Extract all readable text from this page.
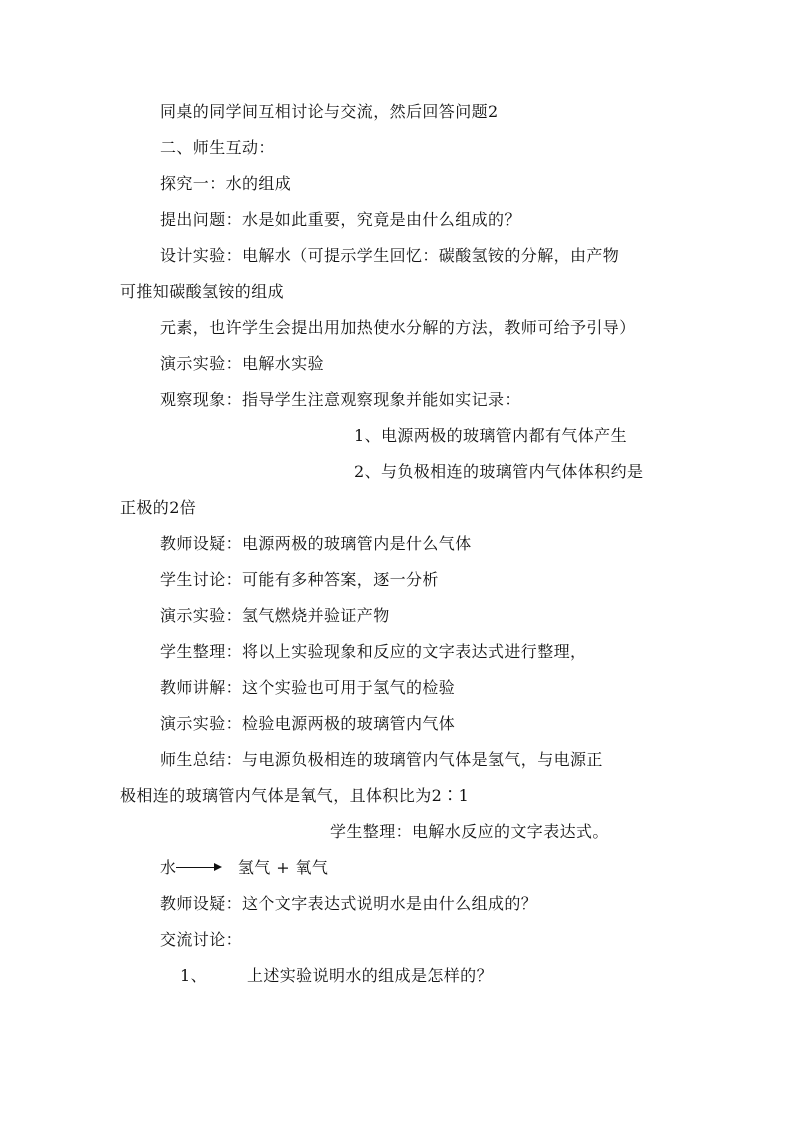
同桌的同学间互相讨论与交流，然后回答问题2
二、师生互动：
探究一：水的组成
提出问题：水是如此重要，究竟是由什么组成的？
设计实验：电解水（可提示学生回忆：碳酸氢铵的分解，由产物
可推知碳酸氢铵的组成
元素，也许学生会提出用加热使水分解的方法，教师可给予引导）
演示实验：电解水实验
观察现象：指导学生注意观察现象并能如实记录：
1、电源两极的玻璃管内都有气体产生
2、与负极相连的玻璃管内气体体积约是
正极的2倍
教师设疑：电源两极的玻璃管内是什么气体
学生讨论：可能有多种答案，逐一分析
演示实验：氢气燃烧并验证产物
学生整理：将以上实验现象和反应的文字表达式进行整理，
教师讲解：这个实验也可用于氢气的检验
演示实验：检验电源两极的玻璃管内气体
师生总结：与电源负极相连的玻璃管内气体是氢气，与电源正
极相连的玻璃管内气体是氧气，且体积比为2∶1
学生整理：电解水反应的文字表达式。
水→ 氢气 + 氧气
教师设疑：这个文字表达式说明水是由什么组成的？
交流讨论：
1、	上述实验说明水的组成是怎样的？
